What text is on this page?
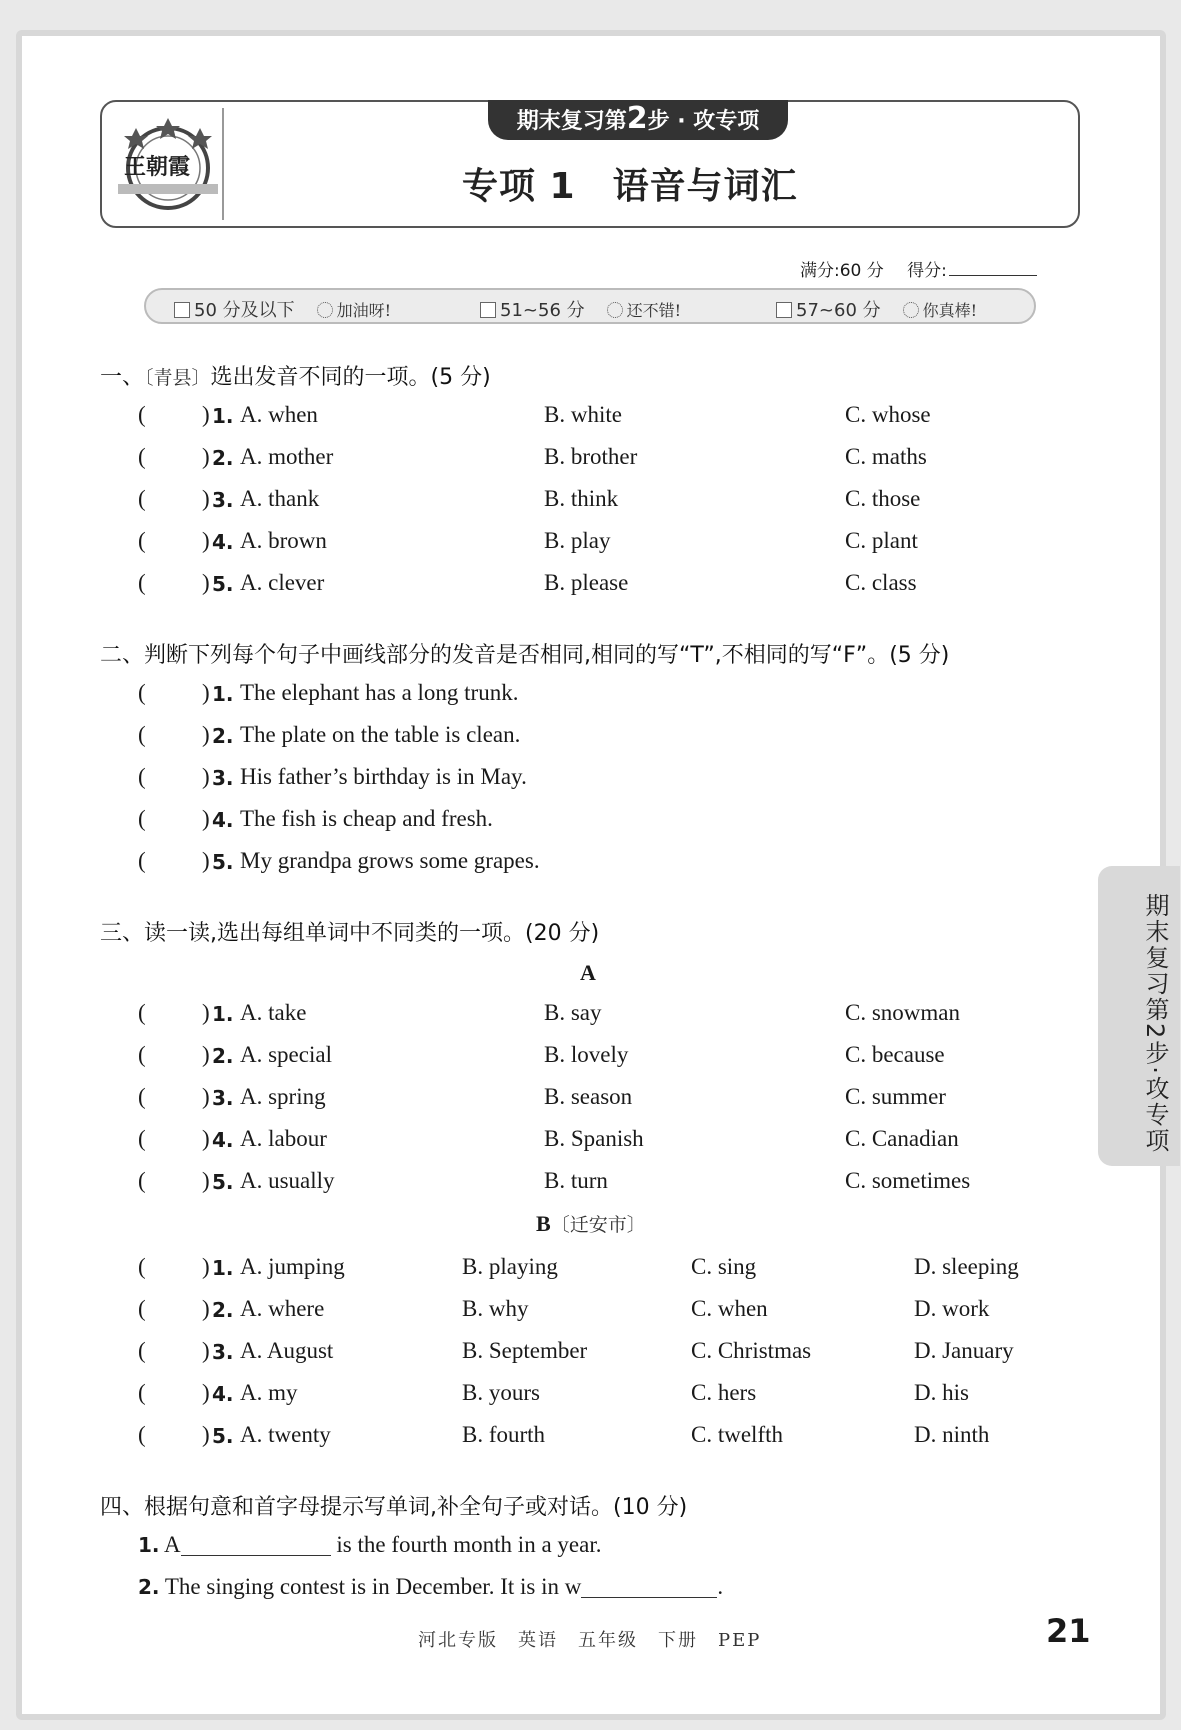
王朝霞
期末复习第2步 · 攻专项
专项 1　语音与词汇
满分:60 分 得分:
50 分及以下	加油呀!	51~56 分	还不错!	57~60 分	你真棒!
一、〔青县〕选出发音不同的一项。(5 分)
( ) 1. A. when	B. white	C. whose
( ) 2. A. mother	B. brother	C. maths
( ) 3. A. thank	B. think	C. those
( ) 4. A. brown	B. play	C. plant
( ) 5. A. clever	B. please	C. class
二、判断下列每个句子中画线部分的发音是否相同,相同的写“T”,不相同的写“F”。(5 分)
( ) 1. The elephant has a long trunk.
( ) 2. The plate on the table is clean.
( ) 3. His father’s birthday is in May.
( ) 4. The fish is cheap and fresh.
( ) 5. My grandpa grows some grapes.
三、读一读,选出每组单词中不同类的一项。(20 分)
A
( ) 1. A. take	B. say	C. snowman
( ) 2. A. special	B. lovely	C. because
( ) 3. A. spring	B. season	C. summer
( ) 4. A. labour	B. Spanish	C. Canadian
( ) 5. A. usually	B. turn	C. sometimes
B〔迁安市〕
( ) 1. A. jumping	B. playing	C. sing	D. sleeping
( ) 2. A. where	B. why	C. when	D. work
( ) 3. A. August	B. September	C. Christmas	D. January
( ) 4. A. my	B. yours	C. hers	D. his
( ) 5. A. twenty	B. fourth	C. twelfth	D. ninth
四、根据句意和首字母提示写单词,补全句子或对话。(10 分)
1. A	is the fourth month in a year.
2. The singing contest is in December. It is in w	.
期末复习第2步·攻专项
河北专版　英语　五年级　下册　PEP	21
